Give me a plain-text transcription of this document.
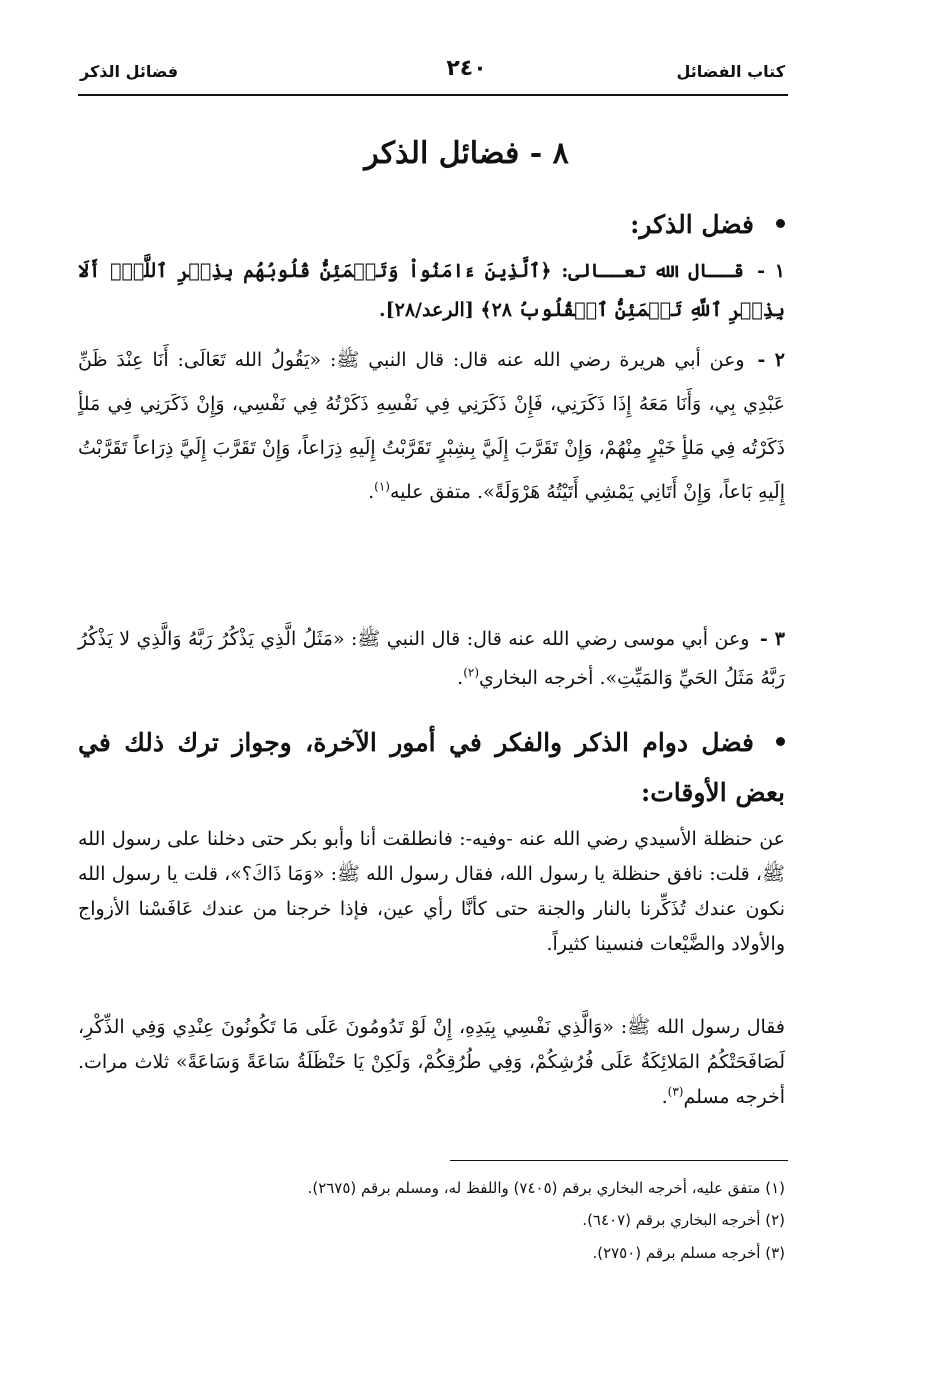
كتاب الفضائل
٢٤٠
فضائل الذكر
٨ - فضائل الذكر
فضل الذكر:
١ - قــال الله تعــالى: ﴿ٱلَّذِينَ ءَامَنُواْ وَتَطۡمَئِنُّ قُلُوبُهُم بِذِكۡرِ ٱللَّهِۗ أَلَا بِذِكۡرِ ٱللَّهِ تَطۡمَئِنُّ ٱلۡقُلُوبُ ٢٨﴾ [الرعد/٢٨].
٢ - وعن أبي هريرة رضي الله عنه قال: قال النبي ﷺ: «يَقُولُ الله تَعَالَى: أَنَا عِنْدَ ظَنِّ عَبْدِي بِي، وَأَنَا مَعَهُ إِذَا ذَكَرَنِي، فَإِنْ ذَكَرَنِي فِي نَفْسِهِ ذَكَرْتُهُ فِي نَفْسِي، وَإِنْ ذَكَرَنِي فِي مَلأٍ ذَكَرْتُه فِي مَلأٍ خَيْرٍ مِنْهُمْ، وَإِنْ تَقَرَّبَ إِلَيَّ بِشِبْرٍ تَقَرَّبْتُ إِلَيهِ ذِرَاعاً، وَإِنْ تَقَرَّبَ إِلَيَّ ذِرَاعاً تَقَرَّبْتُ إِلَيهِ بَاعاً، وَإِنْ أَتَانِي يَمْشِي أَتَيْتُهُ هَرْوَلَةً». متفق عليه$^{(١)}$.
٣ - وعن أبي موسى رضي الله عنه قال: قال النبي ﷺ: «مَثَلُ الَّذِي يَذْكُرُ رَبَّهُ وَالَّذِي لا يَذْكُرُ رَبَّهُ مَثَلُ الحَيِّ وَالمَيِّتِ». أخرجه البخاري$^{(٢)}$.
فضل دوام الذكر والفكر في أمور الآخرة، وجواز ترك ذلك في بعض الأوقات:
عن حنظلة الأسيدي رضي الله عنه -وفيه-: فانطلقت أنا وأبو بكر حتى دخلنا على رسول الله ﷺ، قلت: نافق حنظلة يا رسول الله، فقال رسول الله ﷺ: «وَمَا ذَاكَ؟»، قلت يا رسول الله نكون عندك تُذَكِّرنا بالنار والجنة حتى كأنَّا رأي عين، فإذا خرجنا من عندك عَافَسْنا الأزواج والأولاد والضَّيْعات فنسينا كثيراً.
فقال رسول الله ﷺ: «وَالَّذِي نَفْسِي بِيَدِهِ، إِنْ لَوْ تَدُومُونَ عَلَى مَا تَكُونُونَ عِنْدِي وَفِي الذِّكْرِ، لَصَافَحَتْكُمُ المَلائِكَةُ عَلَى فُرُشِكُمْ، وَفِي طُرُقِكُمْ، وَلَكِنْ يَا حَنْظَلَةُ سَاعَةً وَسَاعَةً» ثلاث مرات. أخرجه مسلم$^{(٣)}$.
(١) متفق عليه، أخرجه البخاري برقم (٧٤٠٥) واللفظ له، ومسلم برقم (٢٦٧٥).
(٢) أخرجه البخاري برقم (٦٤٠٧).
(٣) أخرجه مسلم برقم (٢٧٥٠).
